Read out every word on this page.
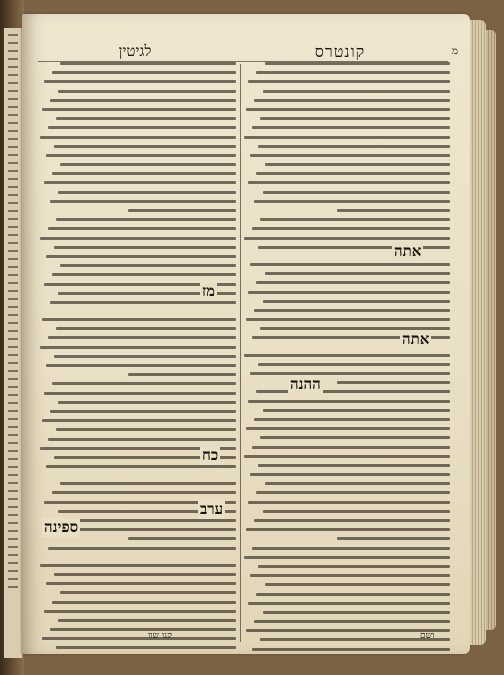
קונטרס
לגיטין	מ
אתה
אתה
ההנה
ערב
ספינה
מז
כח
קנו שוו	ושם
